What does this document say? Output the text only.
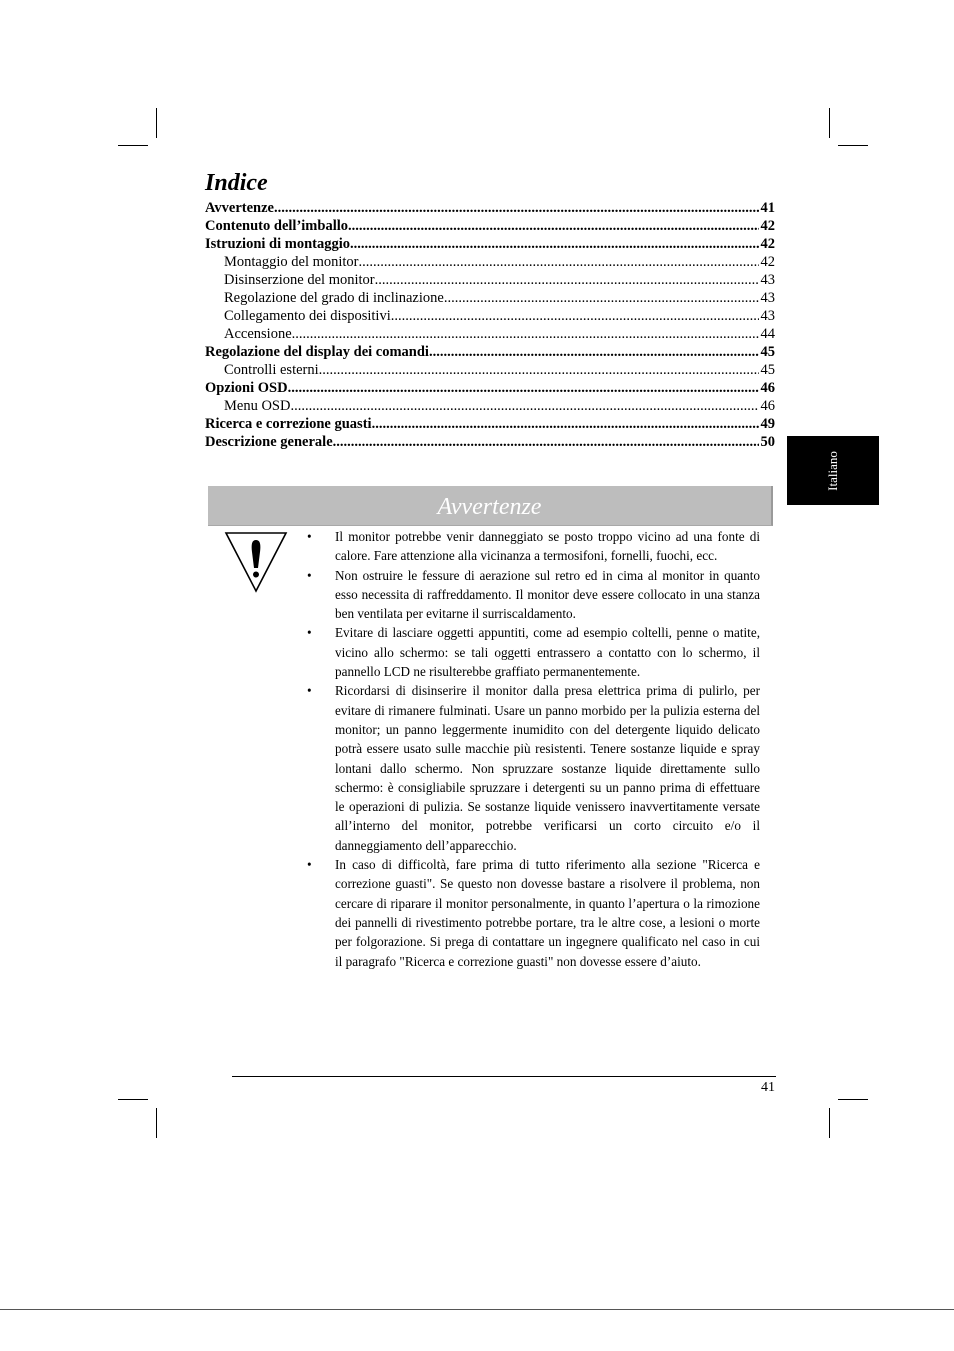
Indice
Avvertenze .....	41
Contenuto dell’imballo .....	42
Istruzioni di montaggio .....	42
Montaggio del monitor .....	42
Disinserzione del monitor .....	43
Regolazione del grado di inclinazione .....	43
Collegamento dei dispositivi .....	43
Accensione .....	44
Regolazione del display dei comandi .....	45
Controlli esterni .....	45
Opzioni OSD .....	46
Menu OSD .....	46
Ricerca e correzione guasti .....	49
Descrizione generale .....	50
Italiano
Avvertenze
• Il monitor potrebbe venir danneggiato se posto troppo vicino ad una fonte di calore. Fare attenzione alla vicinanza a termosifoni, fornelli, fuochi, ecc.
• Non ostruire le fessure di aerazione sul retro ed in cima al monitor in quanto esso necessita di raffreddamento. Il monitor deve essere collocato in una stanza ben ventilata per evitarne il surriscaldamento.
• Evitare di lasciare oggetti appuntiti, come ad esempio coltelli, penne o matite, vicino allo schermo: se tali oggetti entrassero a contatto con lo schermo, il pannello LCD ne risulterebbe graffiato permanentemente.
• Ricordarsi di disinserire il monitor dalla presa elettrica prima di pulirlo, per evitare di rimanere fulminati. Usare un panno morbido per la pulizia esterna del monitor; un panno leggermente inumidito con del detergente liquido delicato potrà essere usato sulle macchie più resistenti. Tenere sostanze liquide e spray lontani dallo schermo. Non spruzzare sostanze liquide direttamente sullo schermo: è consigliabile spruzzare i detergenti su un panno prima di effettuare le operazioni di pulizia. Se sostanze liquide venissero inavvertitamente versate all’interno del monitor, potrebbe verificarsi un corto circuito e/o il danneggiamento dell’apparecchio.
• In caso di difficoltà, fare prima di tutto riferimento alla sezione "Ricerca e correzione guasti". Se questo non dovesse bastare a risolvere il problema, non cercare di riparare il monitor personalmente, in quanto l’apertura o la rimozione dei pannelli di rivestimento potrebbe portare, tra le altre cose, a lesioni o morte per folgorazione. Si prega di contattare un ingegnere qualificato nel caso in cui il paragrafo "Ricerca e correzione guasti" non dovesse essere d’aiuto.
41
